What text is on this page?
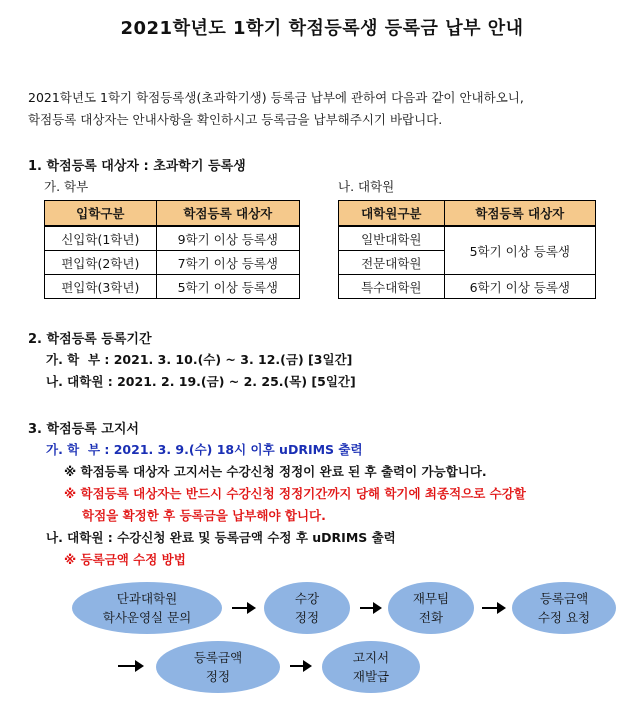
2021학년도 1학기 학점등록생 등록금 납부 안내
2021학년도 1학기 학점등록생(초과학기생) 등록금 납부에 관하여 다음과 같이 안내하오니,
학점등록 대상자는 안내사항을 확인하시고 등록금을 납부해주시기 바랍니다.
1. 학점등록 대상자 : 초과학기 등록생
가. 학부	나. 대학원
입학구분	학점등록 대상자
신입학(1학년)	9학기 이상 등록생
편입학(2학년)	7학기 이상 등록생
편입학(3학년)	5학기 이상 등록생
대학원구분	학점등록 대상자
일반대학원	5학기 이상 등록생
전문대학원	
특수대학원	6학기 이상 등록생
2. 학점등록 등록기간
가. 학  부 : 2021. 3. 10.(수) ~ 3. 12.(금) [3일간]
나. 대학원 : 2021. 2. 19.(금) ~ 2. 25.(목) [5일간]
3. 학점등록 고지서
가. 학  부 : 2021. 3. 9.(수) 18시 이후 uDRIMS 출력
※ 학점등록 대상자 고지서는 수강신청 정정이 완료 된 후 출력이 가능합니다.
※ 학점등록 대상자는 반드시 수강신청 정정기간까지 당해 학기에 최종적으로 수강할
학점을 확정한 후 등록금을 납부해야 합니다.
나. 대학원 : 수강신청 완료 및 등록금액 수정 후 uDRIMS 출력
※ 등록금액 수정 방법
단과대학원
학사운영실 문의
수강
정정
재무팀
전화
등록금액
수정 요청
등록금액
정정
고지서
재발급
